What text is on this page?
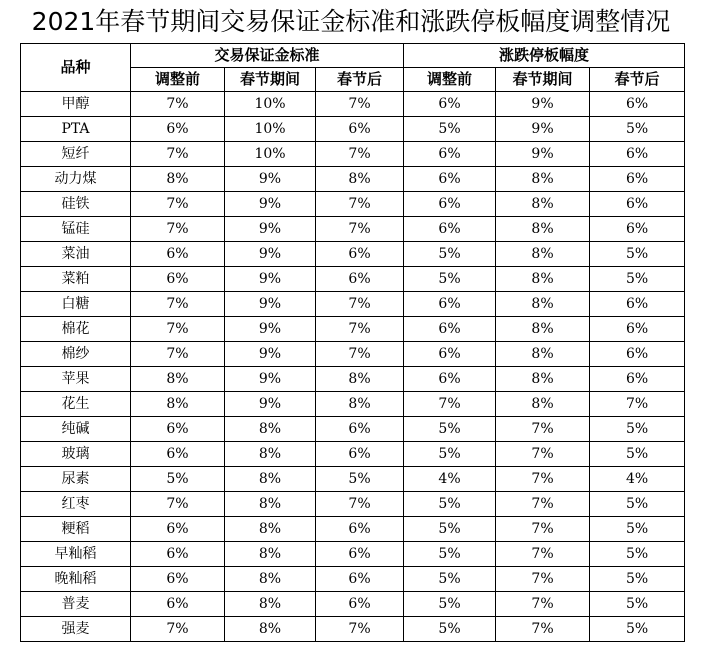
2021年春节期间交易保证金标准和涨跌停板幅度调整情况
品种	交易保证金标准			涨跌停板幅度		
	调整前	春节期间	春节后	调整前	春节期间	春节后
甲醇	7%	10%	7%	6%	9%	6%
PTA	6%	10%	6%	5%	9%	5%
短纤	7%	10%	7%	6%	9%	6%
动力煤	8%	9%	8%	6%	8%	6%
硅铁	7%	9%	7%	6%	8%	6%
锰硅	7%	9%	7%	6%	8%	6%
菜油	6%	9%	6%	5%	8%	5%
菜粕	6%	9%	6%	5%	8%	5%
白糖	7%	9%	7%	6%	8%	6%
棉花	7%	9%	7%	6%	8%	6%
棉纱	7%	9%	7%	6%	8%	6%
苹果	8%	9%	8%	6%	8%	6%
花生	8%	9%	8%	7%	8%	7%
纯碱	6%	8%	6%	5%	7%	5%
玻璃	6%	8%	6%	5%	7%	5%
尿素	5%	8%	5%	4%	7%	4%
红枣	7%	8%	7%	5%	7%	5%
粳稻	6%	8%	6%	5%	7%	5%
早籼稻	6%	8%	6%	5%	7%	5%
晚籼稻	6%	8%	6%	5%	7%	5%
普麦	6%	8%	6%	5%	7%	5%
强麦	7%	8%	7%	5%	7%	5%
